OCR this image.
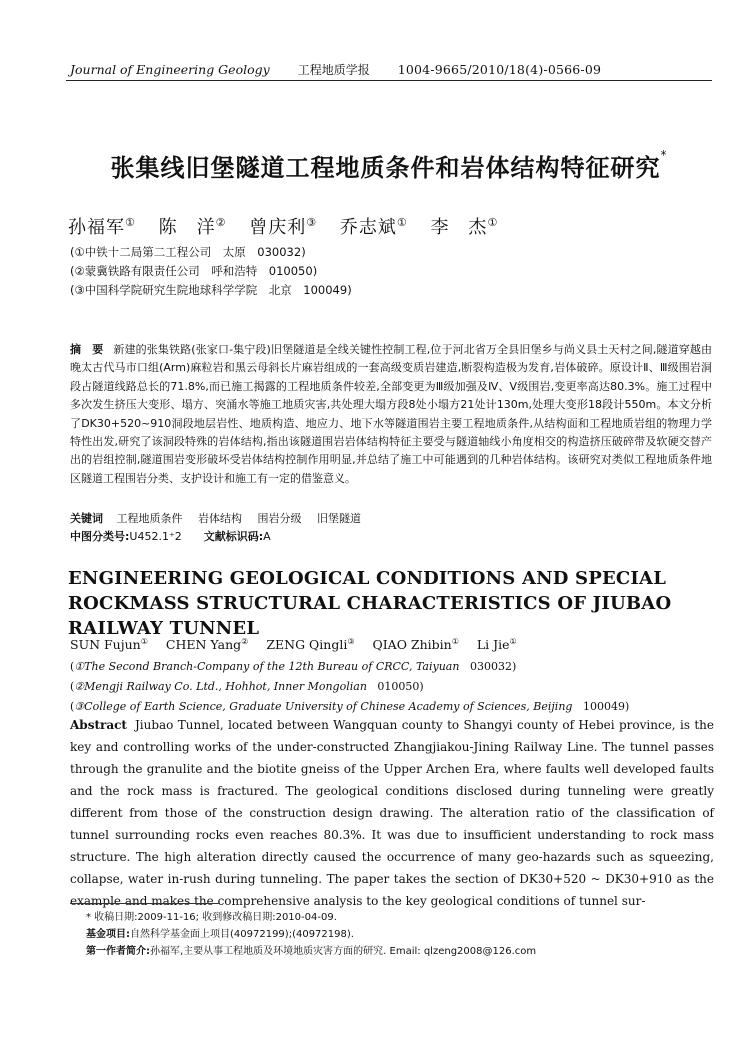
Journal of Engineering Geology 工程地质学报 1004-9665/2010/18(4)-0566-09
张集线旧堡隧道工程地质条件和岩体结构特征研究*
孙福军① 陈　洋② 曾庆利③ 乔志斌① 李　杰①
(①中铁十二局第二工程公司　太原　030032)
(②蒙冀铁路有限责任公司　呼和浩特　010050)
(③中国科学院研究生院地球科学学院　北京　100049)
摘　要 新建的张集铁路(张家口-集宁段)旧堡隧道是全线关键性控制工程,位于河北省万全县旧堡乡与尚义县土天村之间,隧道穿越由晚太古代马市口组(Arm)麻粒岩和黑云母斜长片麻岩组成的一套高级变质岩建造,断裂构造极为发育,岩体破碎。原设计Ⅱ、Ⅲ级围岩洞段占隧道线路总长的71.8%,而已施工揭露的工程地质条件较差,全部变更为Ⅲ级加强及Ⅳ、Ⅴ级围岩,变更率高达80.3%。施工过程中多次发生挤压大变形、塌方、突涌水等施工地质灾害,共处理大塌方段8处小塌方21处计130m,处理大变形18段计550m。本文分析了DK30+520~910洞段地层岩性、地质构造、地应力、地下水等隧道围岩主要工程地质条件,从结构面和工程地质岩组的物理力学特性出发,研究了该洞段特殊的岩体结构,指出该隧道围岩岩体结构特征主要受与隧道轴线小角度相交的构造挤压破碎带及软硬交替产出的岩组控制,隧道围岩变形破坏受岩体结构控制作用明显,并总结了施工中可能遇到的几种岩体结构。该研究对类似工程地质条件地区隧道工程围岩分类、支护设计和施工有一定的借鉴意义。
关键词 工程地质条件 岩体结构 围岩分级 旧堡隧道
中图分类号:U452.1⁺2 文献标识码:A
ENGINEERING GEOLOGICAL CONDITIONS AND SPECIAL ROCKMASS STRUCTURAL CHARACTERISTICS OF JIUBAO RAILWAY TUNNEL
SUN Fujun① CHEN Yang② ZENG Qingli③ QIAO Zhibin① Li Jie①
(①The Second Branch-Company of the 12th Bureau of CRCC, Taiyuan 030032)
(②Mengji Railway Co. Ltd., Hohhot, Inner Mongolian 010050)
(③College of Earth Science, Graduate University of Chinese Academy of Sciences, Beijing 100049)
Abstract Jiubao Tunnel, located between Wangquan county to Shangyi county of Hebei province, is the key and controlling works of the under-constructed Zhangjiakou-Jining Railway Line. The tunnel passes through the granulite and the biotite gneiss of the Upper Archen Era, where faults well developed faults and the rock mass is fractured. The geological conditions disclosed during tunneling were greatly different from those of the construction design drawing. The alteration ratio of the classification of tunnel surrounding rocks even reaches 80.3%. It was due to insufficient understanding to rock mass structure. The high alteration directly caused the occurrence of many geo-hazards such as squeezing, collapse, water in-rush during tunneling. The paper takes the section of DK30+520 ~ DK30+910 as the example and makes the comprehensive analysis to the key geological conditions of tunnel sur-
* 收稿日期:2009-11-16; 收到修改稿日期:2010-04-09.
基金项目:自然科学基金面上项目(40972199);(40972198).
第一作者简介:孙福军,主要从事工程地质及环境地质灾害方面的研究. Email: qlzeng2008@126.com
